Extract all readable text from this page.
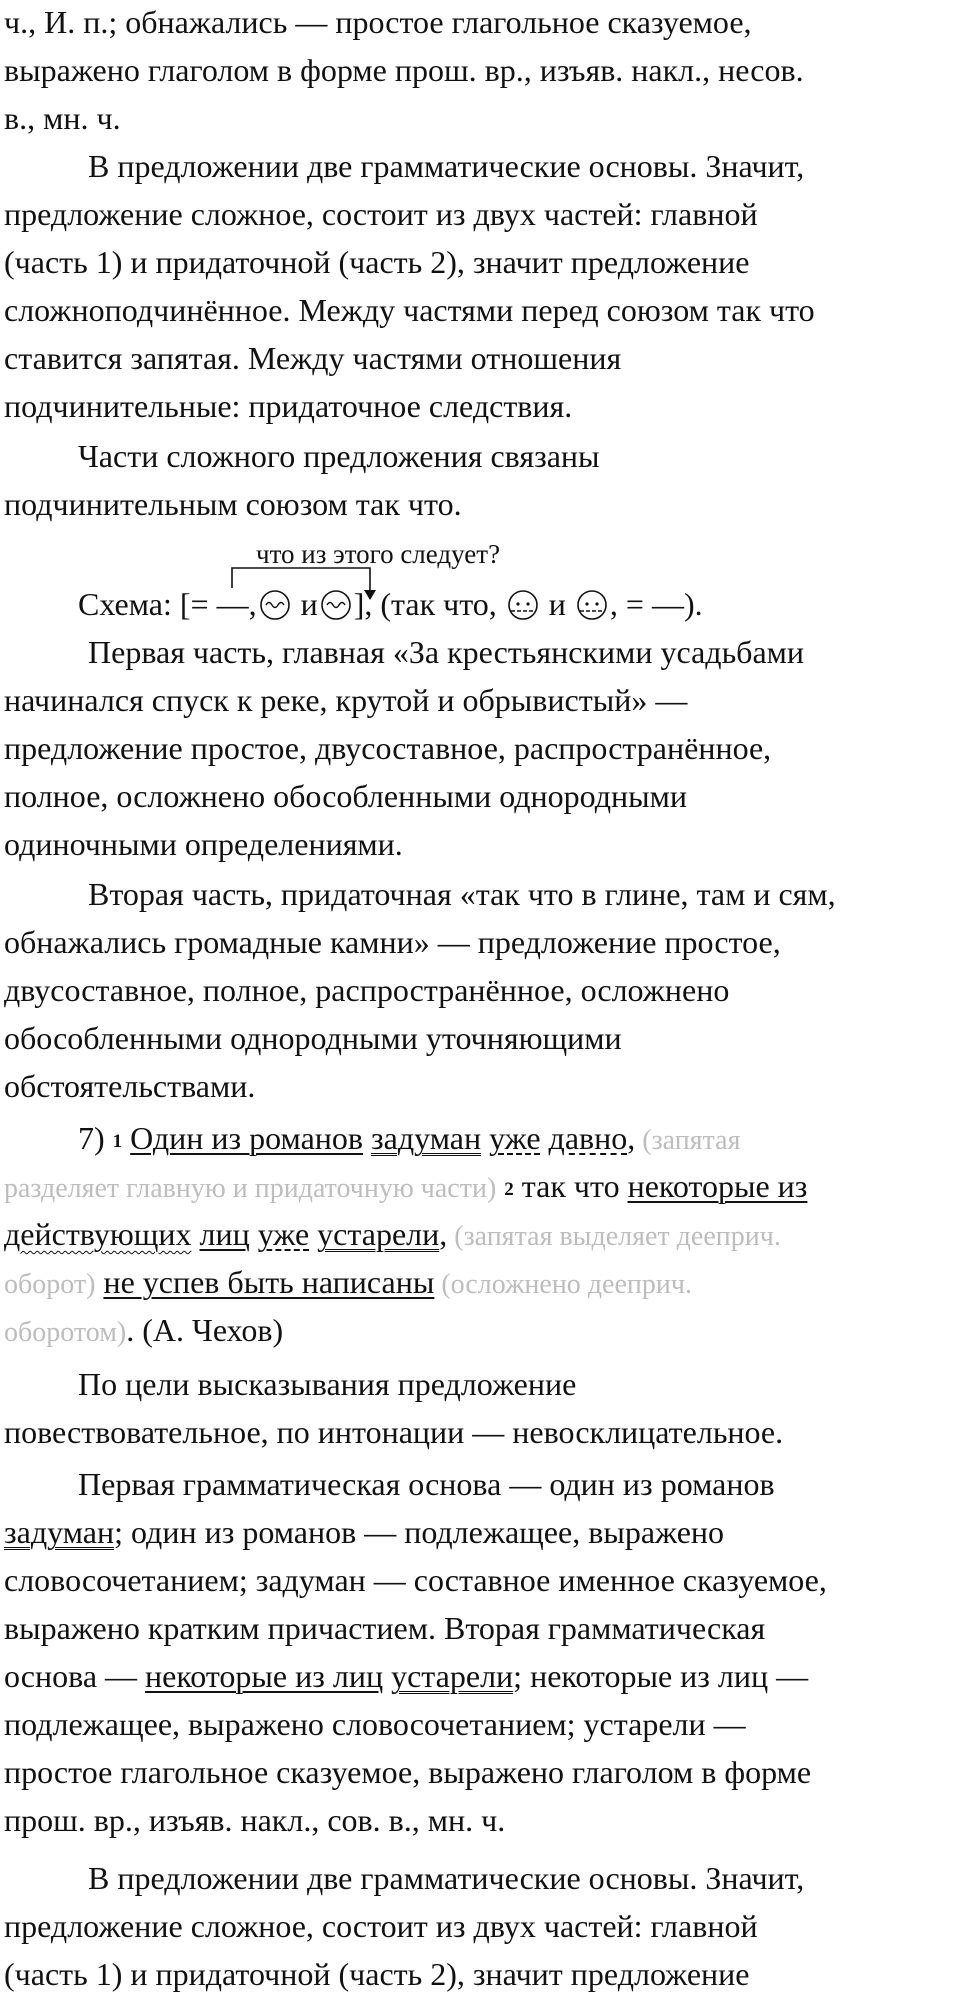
ч., И. п.; обнажались — простое глагольное сказуемое,
выражено глаголом в форме прош. вр., изъяв. накл., несов.
в., мн. ч.
В предложении две грамматические основы. Значит,
предложение сложное, состоит из двух частей: главной
(часть 1) и придаточной (часть 2), значит предложение
сложноподчинённое. Между частями перед союзом так что
ставится запятая. Между частями отношения
подчинительные: придаточное следствия.
Части сложного предложения связаны
подчинительным союзом так что.
что из этого следует?
Схема: [= —, и ], (так что,  и , = —).
Первая часть, главная «За крестьянскими усадьбами
начинался спуск к реке, крутой и обрывистый» —
предложение простое, двусоставное, распространённое,
полное, осложнено обособленными однородными
одиночными определениями.
Вторая часть, придаточная «так что в глине, там и сям,
обнажались громадные камни» — предложение простое,
двусоставное, полное, распространённое, осложнено
обособленными однородными уточняющими
обстоятельствами.
7) 1 Один из романов задуман уже давно, (запятая
разделяет главную и придаточную части) 2 так что некоторые из
действующих лиц уже устарели, (запятая выделяет дееприч.
оборот) не успев быть написаны (осложнено дееприч.
оборотом). (А. Чехов)
По цели высказывания предложение
повествовательное, по интонации — невосклицательное.
Первая грамматическая основа — один из романов
задуман; один из романов — подлежащее, выражено
словосочетанием; задуман — составное именное сказуемое,
выражено кратким причастием. Вторая грамматическая
основа — некоторые из лиц устарели; некоторые из лиц —
подлежащее, выражено словосочетанием; устарели —
простое глагольное сказуемое, выражено глаголом в форме
прош. вр., изъяв. накл., сов. в., мн. ч.
В предложении две грамматические основы. Значит,
предложение сложное, состоит из двух частей: главной
(часть 1) и придаточной (часть 2), значит предложение
